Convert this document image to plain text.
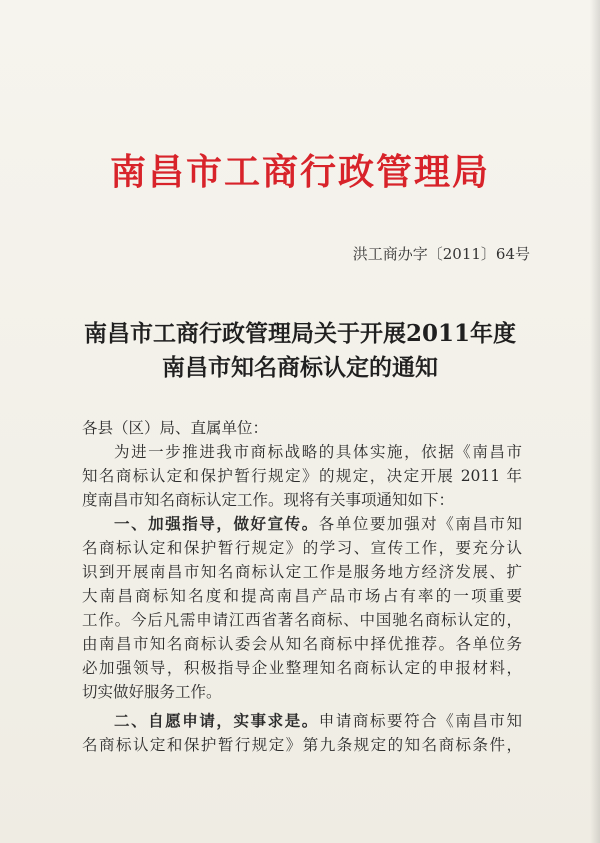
南昌市工商行政管理局
洪工商办字〔2011〕64号
南昌市工商行政管理局关于开展2011年度
南昌市知名商标认定的通知
各县（区）局、直属单位：
为进一步推进我市商标战略的具体实施，依据《南昌市
知名商标认定和保护暂行规定》的规定，决定开展 2011 年
度南昌市知名商标认定工作。现将有关事项通知如下：
一、加强指导，做好宣传。各单位要加强对《南昌市知
名商标认定和保护暂行规定》的学习、宣传工作，要充分认
识到开展南昌市知名商标认定工作是服务地方经济发展、扩
大南昌商标知名度和提高南昌产品市场占有率的一项重要
工作。今后凡需申请江西省著名商标、中国驰名商标认定的，
由南昌市知名商标认委会从知名商标中择优推荐。各单位务
必加强领导，积极指导企业整理知名商标认定的申报材料，
切实做好服务工作。
二、自愿申请，实事求是。申请商标要符合《南昌市知
名商标认定和保护暂行规定》第九条规定的知名商标条件，
